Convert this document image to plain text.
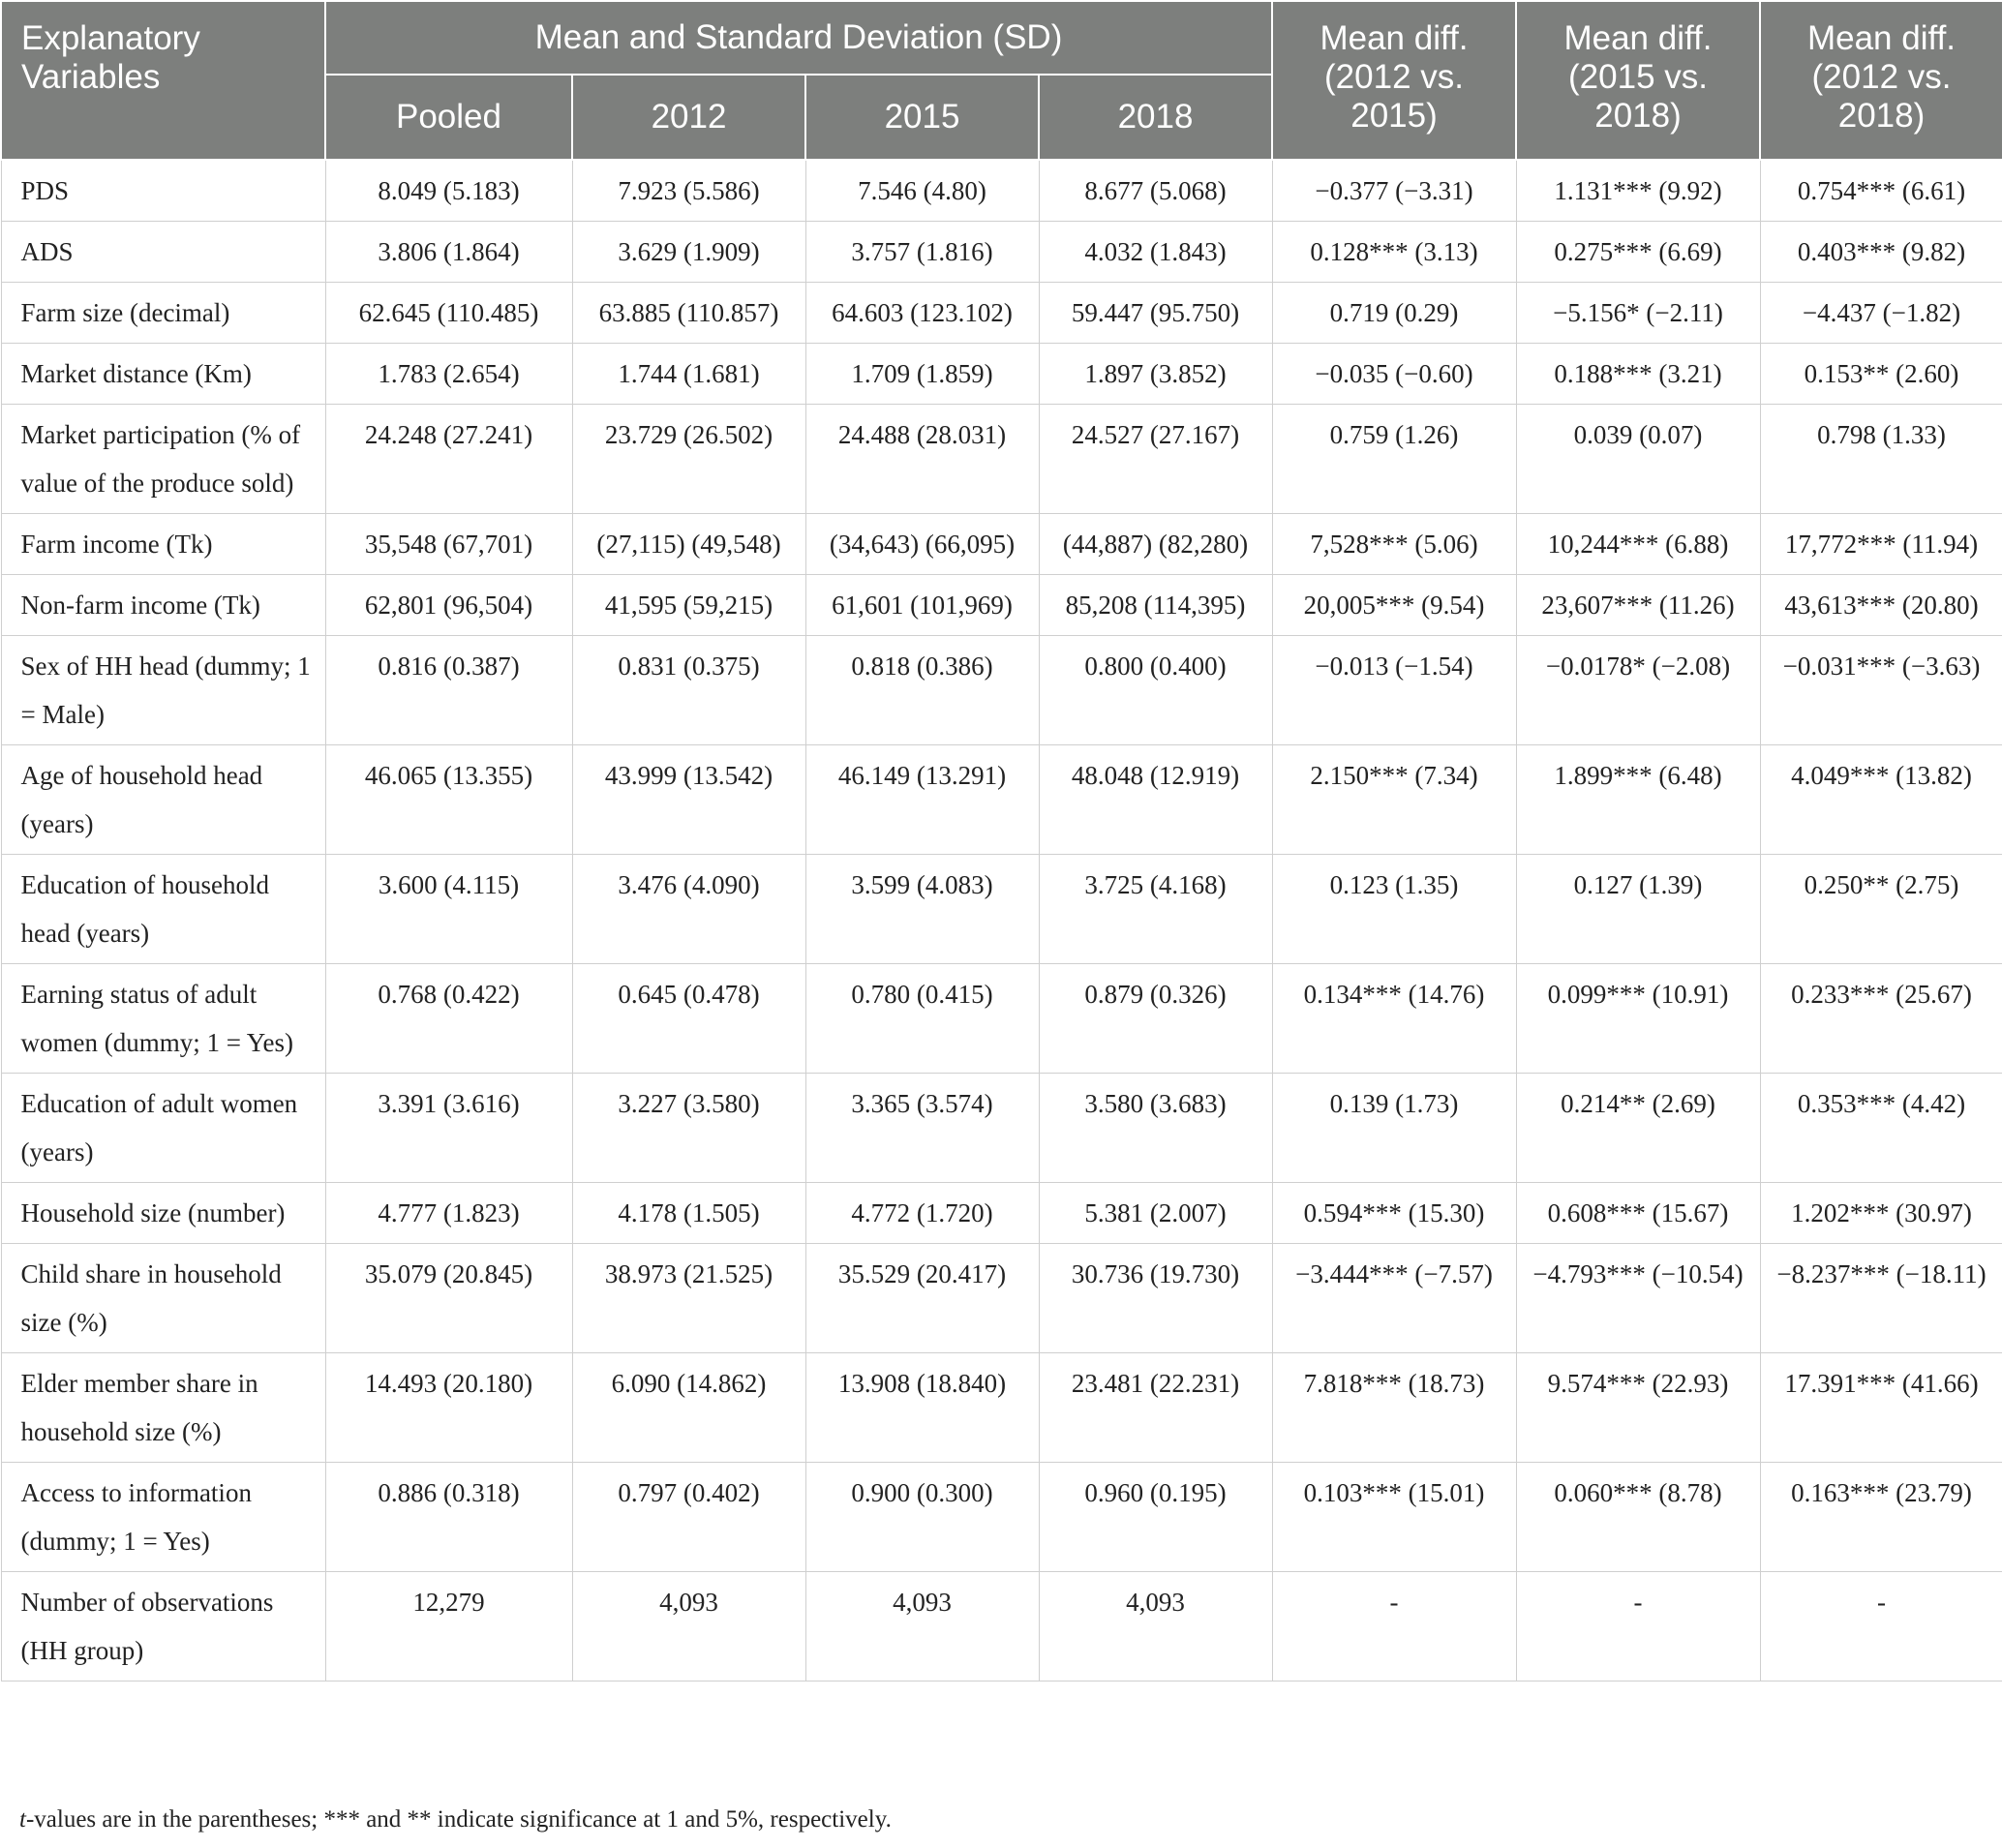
Explanatory Variables	Mean and Standard Deviation (SD)				Mean diff. (2012 vs. 2015)	Mean diff. (2015 vs. 2018)	Mean diff. (2012 vs. 2018)
	Pooled	2012	2015	2018			
PDS	8.049 (5.183)	7.923 (5.586)	7.546 (4.80)	8.677 (5.068)	−0.377 (−3.31)	1.131*** (9.92)	0.754*** (6.61)
ADS	3.806 (1.864)	3.629 (1.909)	3.757 (1.816)	4.032 (1.843)	0.128*** (3.13)	0.275*** (6.69)	0.403*** (9.82)
Farm size (decimal)	62.645 (110.485)	63.885 (110.857)	64.603 (123.102)	59.447 (95.750)	0.719 (0.29)	−5.156* (−2.11)	−4.437 (−1.82)
Market distance (Km)	1.783 (2.654)	1.744 (1.681)	1.709 (1.859)	1.897 (3.852)	−0.035 (−0.60)	0.188*** (3.21)	0.153** (2.60)
Market participation (% of value of the produce sold)	24.248 (27.241)	23.729 (26.502)	24.488 (28.031)	24.527 (27.167)	0.759 (1.26)	0.039 (0.07)	0.798 (1.33)
Farm income (Tk)	35,548 (67,701)	(27,115) (49,548)	(34,643) (66,095)	(44,887) (82,280)	7,528*** (5.06)	10,244*** (6.88)	17,772*** (11.94)
Non-farm income (Tk)	62,801 (96,504)	41,595 (59,215)	61,601 (101,969)	85,208 (114,395)	20,005*** (9.54)	23,607*** (11.26)	43,613*** (20.80)
Sex of HH head (dummy; 1 = Male)	0.816 (0.387)	0.831 (0.375)	0.818 (0.386)	0.800 (0.400)	−0.013 (−1.54)	−0.0178* (−2.08)	−0.031*** (−3.63)
Age of household head (years)	46.065 (13.355)	43.999 (13.542)	46.149 (13.291)	48.048 (12.919)	2.150*** (7.34)	1.899*** (6.48)	4.049*** (13.82)
Education of household head (years)	3.600 (4.115)	3.476 (4.090)	3.599 (4.083)	3.725 (4.168)	0.123 (1.35)	0.127 (1.39)	0.250** (2.75)
Earning status of adult women (dummy; 1 = Yes)	0.768 (0.422)	0.645 (0.478)	0.780 (0.415)	0.879 (0.326)	0.134*** (14.76)	0.099*** (10.91)	0.233*** (25.67)
Education of adult women (years)	3.391 (3.616)	3.227 (3.580)	3.365 (3.574)	3.580 (3.683)	0.139 (1.73)	0.214** (2.69)	0.353*** (4.42)
Household size (number)	4.777 (1.823)	4.178 (1.505)	4.772 (1.720)	5.381 (2.007)	0.594*** (15.30)	0.608*** (15.67)	1.202*** (30.97)
Child share in household size (%)	35.079 (20.845)	38.973 (21.525)	35.529 (20.417)	30.736 (19.730)	−3.444*** (−7.57)	−4.793*** (−10.54)	−8.237*** (−18.11)
Elder member share in household size (%)	14.493 (20.180)	6.090 (14.862)	13.908 (18.840)	23.481 (22.231)	7.818*** (18.73)	9.574*** (22.93)	17.391*** (41.66)
Access to information (dummy; 1 = Yes)	0.886 (0.318)	0.797 (0.402)	0.900 (0.300)	0.960 (0.195)	0.103*** (15.01)	0.060*** (8.78)	0.163*** (23.79)
Number of observations (HH group)	12,279	4,093	4,093	4,093	-	-	-
t-values are in the parentheses; *** and ** indicate significance at 1 and 5%, respectively.
